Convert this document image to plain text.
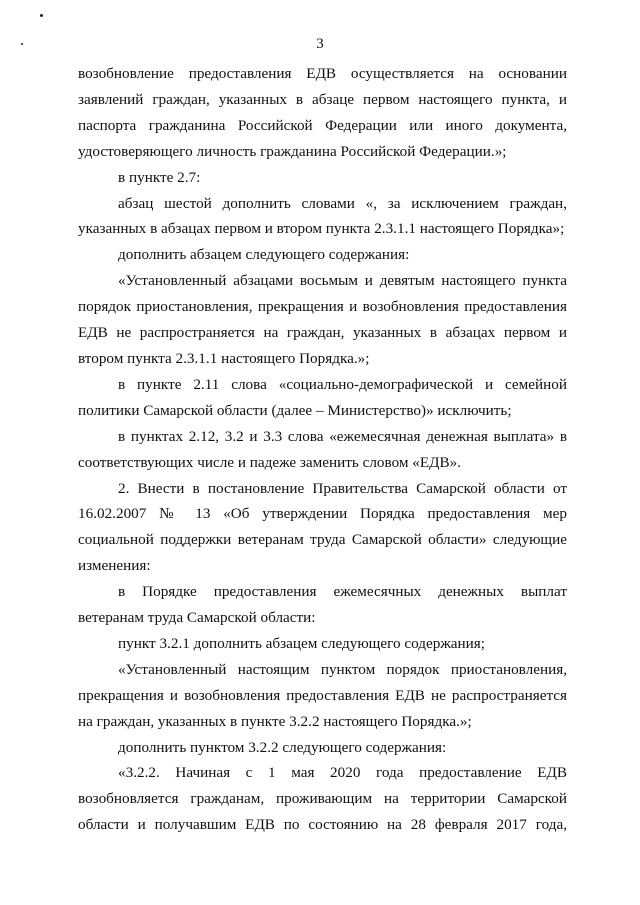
3

возобновление предоставления ЕДВ осуществляется на основании заявлений граждан, указанных в абзаце первом настоящего пункта, и паспорта гражданина Российской Федерации или иного документа, удостоверяющего личность гражданина Российской Федерации.»;

в пункте 2.7:

абзац шестой дополнить словами «, за исключением граждан, указанных в абзацах первом и втором пункта 2.3.1.1 настоящего Порядка»;

дополнить абзацем следующего содержания:

«Установленный абзацами восьмым и девятым настоящего пункта порядок приостановления, прекращения и возобновления предоставления ЕДВ не распространяется на граждан, указанных в абзацах первом и втором пункта 2.3.1.1 настоящего Порядка.»;

в пункте 2.11 слова «социально-демографической и семейной политики Самарской области (далее – Министерство)» исключить;

в пунктах 2.12, 3.2 и 3.3 слова «ежемесячная денежная выплата» в соответствующих числе и падеже заменить словом «ЕДВ».

2. Внести в постановление Правительства Самарской области от 16.02.2007 № 13 «Об утверждении Порядка предоставления мер социальной поддержки ветеранам труда Самарской области» следующие изменения:

в Порядке предоставления ежемесячных денежных выплат ветеранам труда Самарской области:

пункт 3.2.1 дополнить абзацем следующего содержания;

«Установленный настоящим пунктом порядок приостановления, прекращения и возобновления предоставления ЕДВ не распространяется на граждан, указанных в пункте 3.2.2 настоящего Порядка.»;

дополнить пунктом 3.2.2 следующего содержания:

«3.2.2. Начиная с 1 мая 2020 года предоставление ЕДВ возобновляется гражданам, проживающим на территории Самарской области и получавшим ЕДВ по состоянию на 28 февраля 2017 года,
